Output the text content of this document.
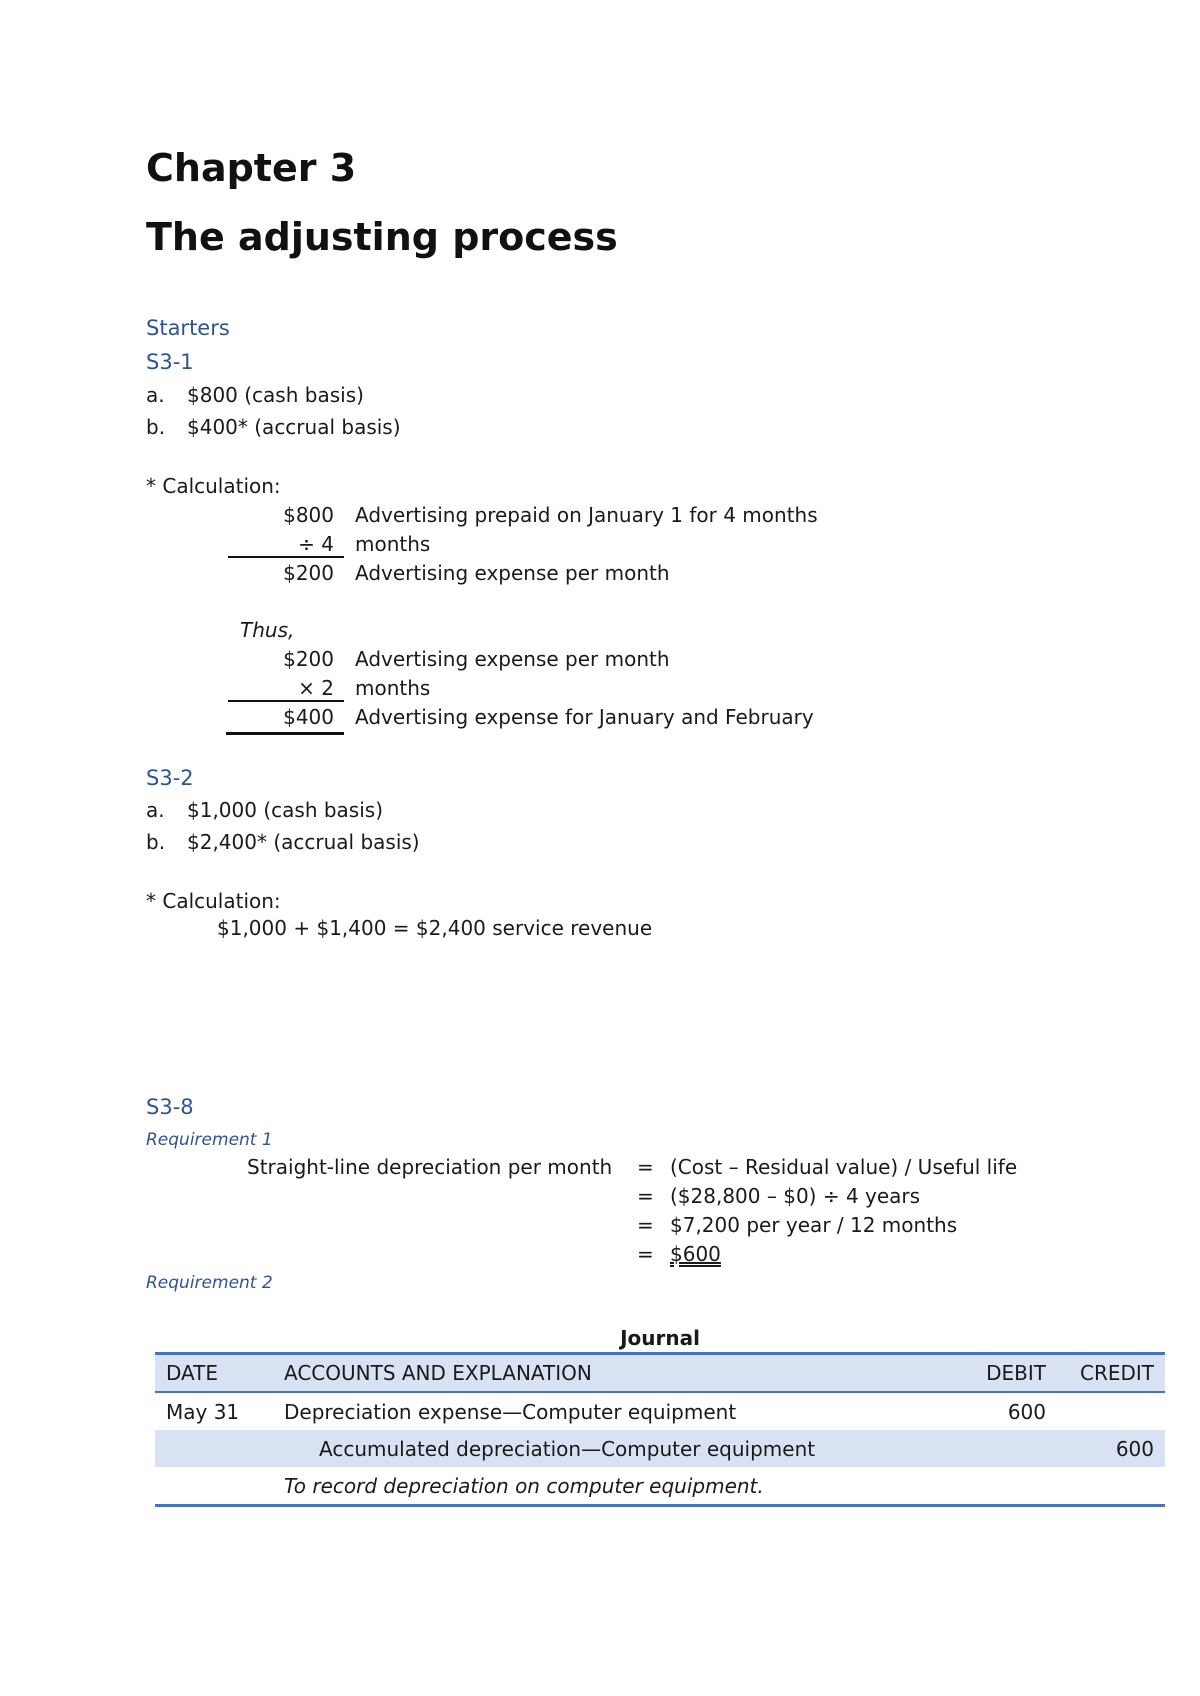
Chapter 3
The adjusting process
Starters
S3-1
a. $800 (cash basis)
b. $400* (accrual basis)
* Calculation:
$800 Advertising prepaid on January 1 for 4 months
÷ 4 months
$200 Advertising expense per month
Thus,
$200 Advertising expense per month
× 2 months
$400 Advertising expense for January and February
S3-2
a. $1,000 (cash basis)
b. $2,400* (accrual basis)
* Calculation:
$1,000 + $1,400 = $2,400 service revenue
S3-8
Requirement 1
Straight-line depreciation per month = (Cost – Residual value) / Useful life
= ($28,800 – $0) ÷ 4 years
= $7,200 per year / 12 months
= $600
Requirement 2
Journal
DATE	ACCOUNTS AND EXPLANATION	DEBIT	CREDIT
May 31	Depreciation expense—Computer equipment	600	
	Accumulated depreciation—Computer equipment		600
	To record depreciation on computer equipment.		
